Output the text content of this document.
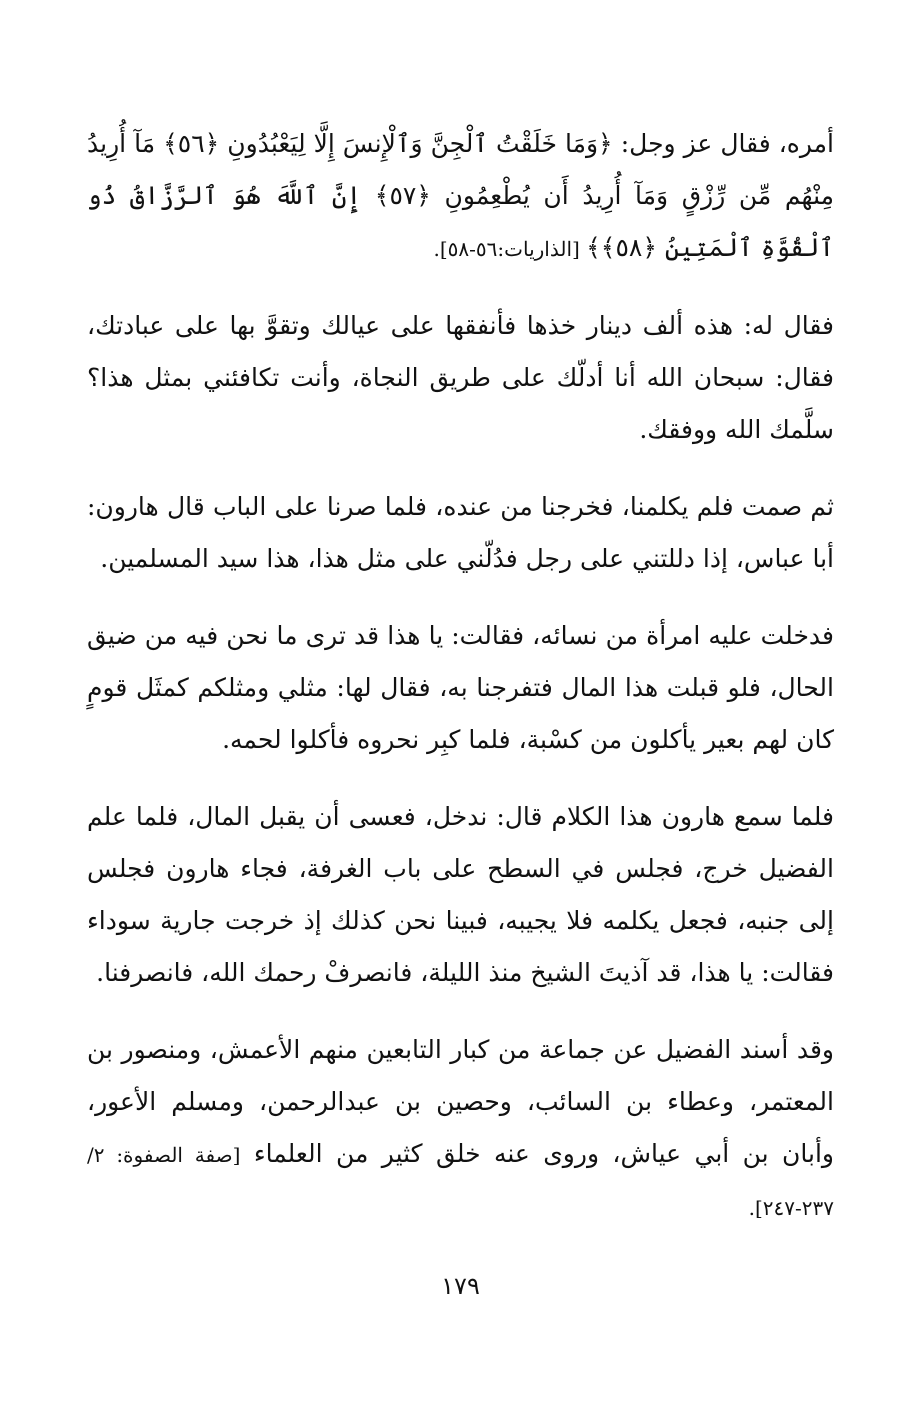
أمره، فقال عز وجل: ﴿وَمَا خَلَقْتُ ٱلْجِنَّ وَٱلْإِنسَ إِلَّا لِيَعْبُدُونِ ﴿٥٦﴾ مَآ أُرِيدُ مِنْهُم مِّن رِّزْقٍ وَمَآ أُرِيدُ أَن يُطْعِمُونِ ﴿٥٧﴾ إِنَّ ٱللَّهَ هُوَ ٱلرَّزَّاقُ ذُو ٱلْقُوَّةِ ٱلْمَتِينُ ﴿٥٨﴾﴾ [الذاريات:٥٦-٥٨].

فقال له: هذه ألف دينار خذها فأنفقها على عيالك وتقوَّ بها على عبادتك، فقال: سبحان الله أنا أدلّك على طريق النجاة، وأنت تكافئني بمثل هذا؟ سلَّمك الله ووفقك.

ثم صمت فلم يكلمنا، فخرجنا من عنده، فلما صرنا على الباب قال هارون: أبا عباس، إذا دللتني على رجل فدُلّني على مثل هذا، هذا سيد المسلمين.

فدخلت عليه امرأة من نسائه، فقالت: يا هذا قد ترى ما نحن فيه من ضيق الحال، فلو قبلت هذا المال فتفرجنا به، فقال لها: مثلي ومثلكم كمثَل قومٍ كان لهم بعير يأكلون من كسْبة، فلما كبِر نحروه فأكلوا لحمه.

فلما سمع هارون هذا الكلام قال: ندخل، فعسى أن يقبل المال، فلما علم الفضيل خرج، فجلس في السطح على باب الغرفة، فجاء هارون فجلس إلى جنبه، فجعل يكلمه فلا يجيبه، فبينا نحن كذلك إذ خرجت جارية سوداء فقالت: يا هذا، قد آذيتَ الشيخ منذ الليلة، فانصرفْ رحمك الله، فانصرفنا.

وقد أسند الفضيل عن جماعة من كبار التابعين منهم الأعمش، ومنصور بن المعتمر، وعطاء بن السائب، وحصين بن عبدالرحمن، ومسلم الأعور، وأبان بن أبي عياش، وروى عنه خلق كثير من العلماء [صفة الصفوة: ٢/ ٢٣٧-٢٤٧].

١٧٩
